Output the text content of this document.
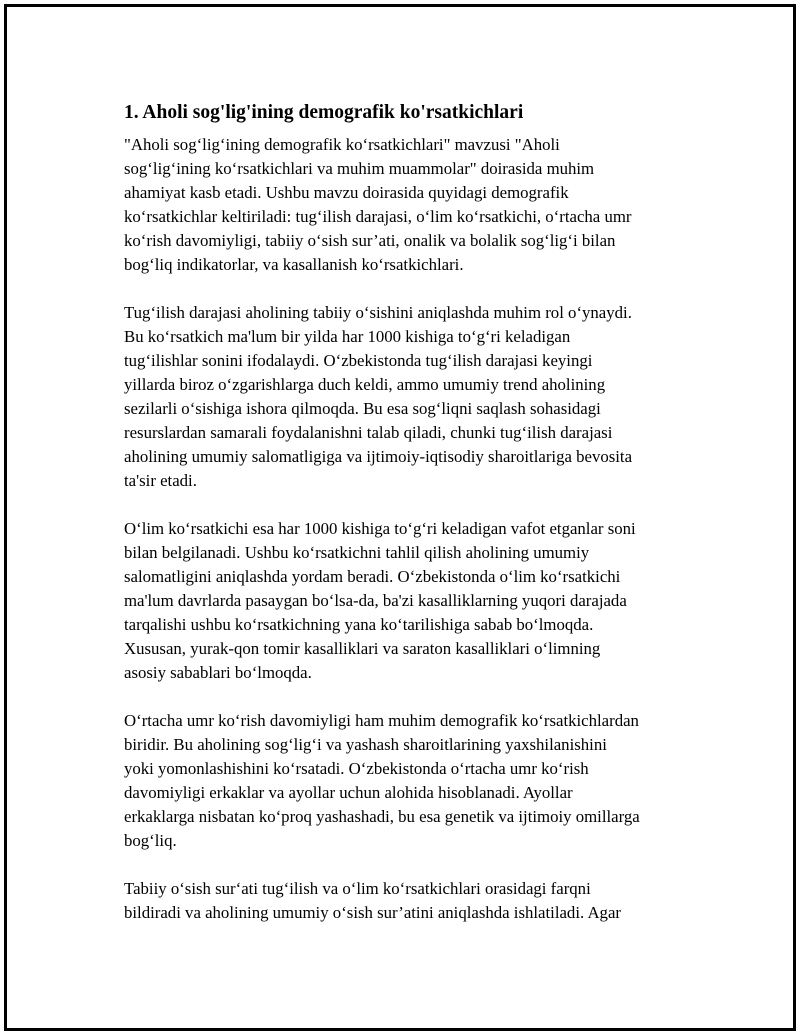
1. Aholi sog'lig'ining demografik ko'rsatkichlari
"Aholi sog‘lig‘ining demografik ko‘rsatkichlari" mavzusi "Aholi
sog‘lig‘ining ko‘rsatkichlari va muhim muammolar" doirasida muhim
ahamiyat kasb etadi. Ushbu mavzu doirasida quyidagi demografik
ko‘rsatkichlar keltiriladi: tug‘ilish darajasi, o‘lim ko‘rsatkichi, o‘rtacha umr
ko‘rish davomiyligi, tabiiy o‘sish sur’ati, onalik va bolalik sog‘lig‘i bilan
bog‘liq indikatorlar, va kasallanish ko‘rsatkichlari.
Tug‘ilish darajasi aholining tabiiy o‘sishini aniqlashda muhim rol o‘ynaydi.
Bu ko‘rsatkich ma'lum bir yilda har 1000 kishiga to‘g‘ri keladigan
tug‘ilishlar sonini ifodalaydi. O‘zbekistonda tug‘ilish darajasi keyingi
yillarda biroz o‘zgarishlarga duch keldi, ammo umumiy trend aholining
sezilarli o‘sishiga ishora qilmoqda. Bu esa sog‘liqni saqlash sohasidagi
resurslardan samarali foydalanishni talab qiladi, chunki tug‘ilish darajasi
aholining umumiy salomatligiga va ijtimoiy-iqtisodiy sharoitlariga bevosita
ta'sir etadi.
O‘lim ko‘rsatkichi esa har 1000 kishiga to‘g‘ri keladigan vafot etganlar soni
bilan belgilanadi. Ushbu ko‘rsatkichni tahlil qilish aholining umumiy
salomatligini aniqlashda yordam beradi. O‘zbekistonda o‘lim ko‘rsatkichi
ma'lum davrlarda pasaygan bo‘lsa-da, ba'zi kasalliklarning yuqori darajada
tarqalishi ushbu ko‘rsatkichning yana ko‘tarilishiga sabab bo‘lmoqda.
Xususan, yurak-qon tomir kasalliklari va saraton kasalliklari o‘limning
asosiy sabablari bo‘lmoqda.
O‘rtacha umr ko‘rish davomiyligi ham muhim demografik ko‘rsatkichlardan
biridir. Bu aholining sog‘lig‘i va yashash sharoitlarining yaxshilanishini
yoki yomonlashishini ko‘rsatadi. O‘zbekistonda o‘rtacha umr ko‘rish
davomiyligi erkaklar va ayollar uchun alohida hisoblanadi. Ayollar
erkaklarga nisbatan ko‘proq yashashadi, bu esa genetik va ijtimoiy omillarga
bog‘liq.
Tabiiy o‘sish sur‘ati tug‘ilish va o‘lim ko‘rsatkichlari orasidagi farqni
bildiradi va aholining umumiy o‘sish sur’atini aniqlashda ishlatiladi. Agar
